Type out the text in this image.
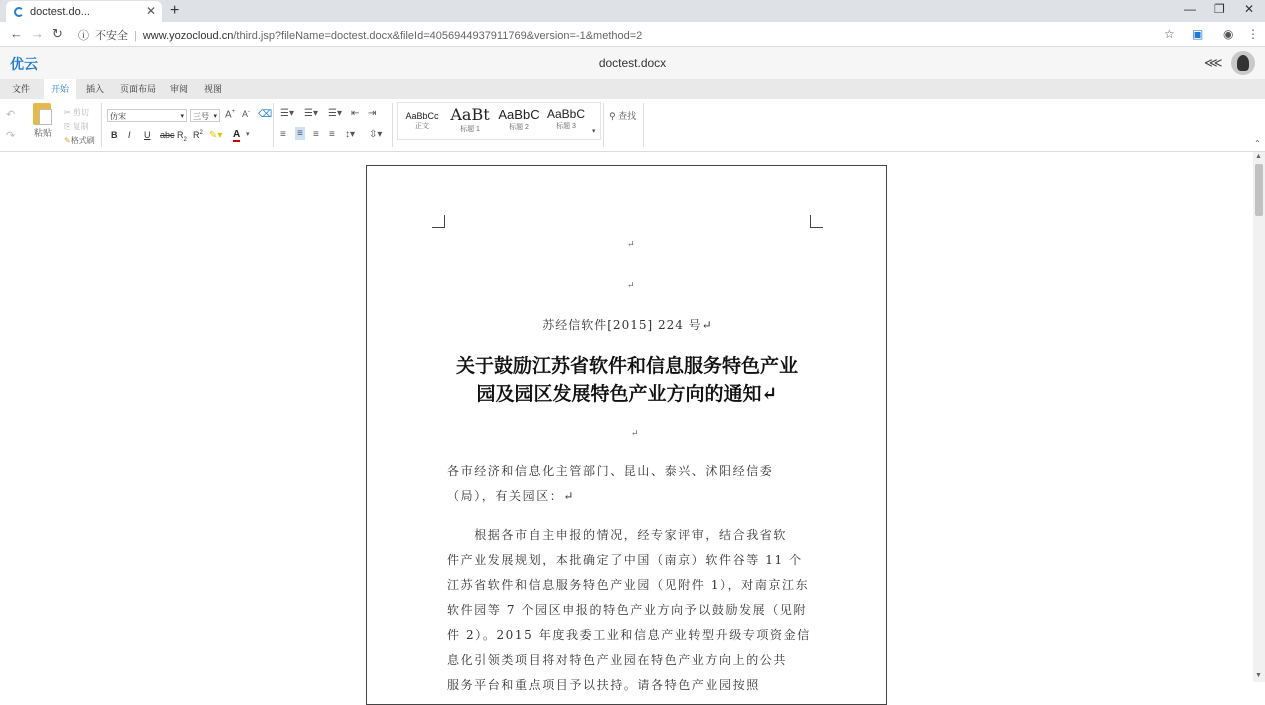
doctest.do...	✕ +	— ❐ ✕
← → ↻ ⓘ 不安全 | www.yozocloud.cn/third.jsp?fileName=doctest.docx&fileId=4056944937911769&version=-1&method=2	☆ ▣ ◉ ⋮
优云	doctest.docx	⋘
文件	开始	插入	页面布局	审阅	视图
↶
↷ 粘贴
✂ 剪切
⎘ 复制
✎格式刷
仿宋	▾	三号 ▾ A+ A- ⌫
B I U abc $R_2$ $R^2$ ✎▾ A ▾
☰▾ ☰▾ ☰▾ ⇤ ⇥
≡ ≡ ≡ ≡ ↕▾ ⇳▾
AaBbCc
正文
AaBt
标题 1
AaBbC
标题 2
AaBbC
标题 3
▾
⚲ 查找
⌃
▲
▼
↵
↵
苏经信软件[2015] 224 号↵
关于鼓励江苏省软件和信息服务特色产业
园及园区发展特色产业方向的通知↵
↵
各市经济和信息化主管部门、昆山、泰兴、沭阳经信委
（局），有关园区：↵
　　根据各市自主申报的情况，经专家评审，结合我省软
件产业发展规划，本批确定了中国（南京）软件谷等 11 个
江苏省软件和信息服务特色产业园（见附件 1），对南京江东
软件园等 7 个园区申报的特色产业方向予以鼓励发展（见附
件 2）。2015 年度我委工业和信息产业转型升级专项资金信
息化引领类项目将对特色产业园在特色产业方向上的公共
服务平台和重点项目予以扶持。请各特色产业园按照
